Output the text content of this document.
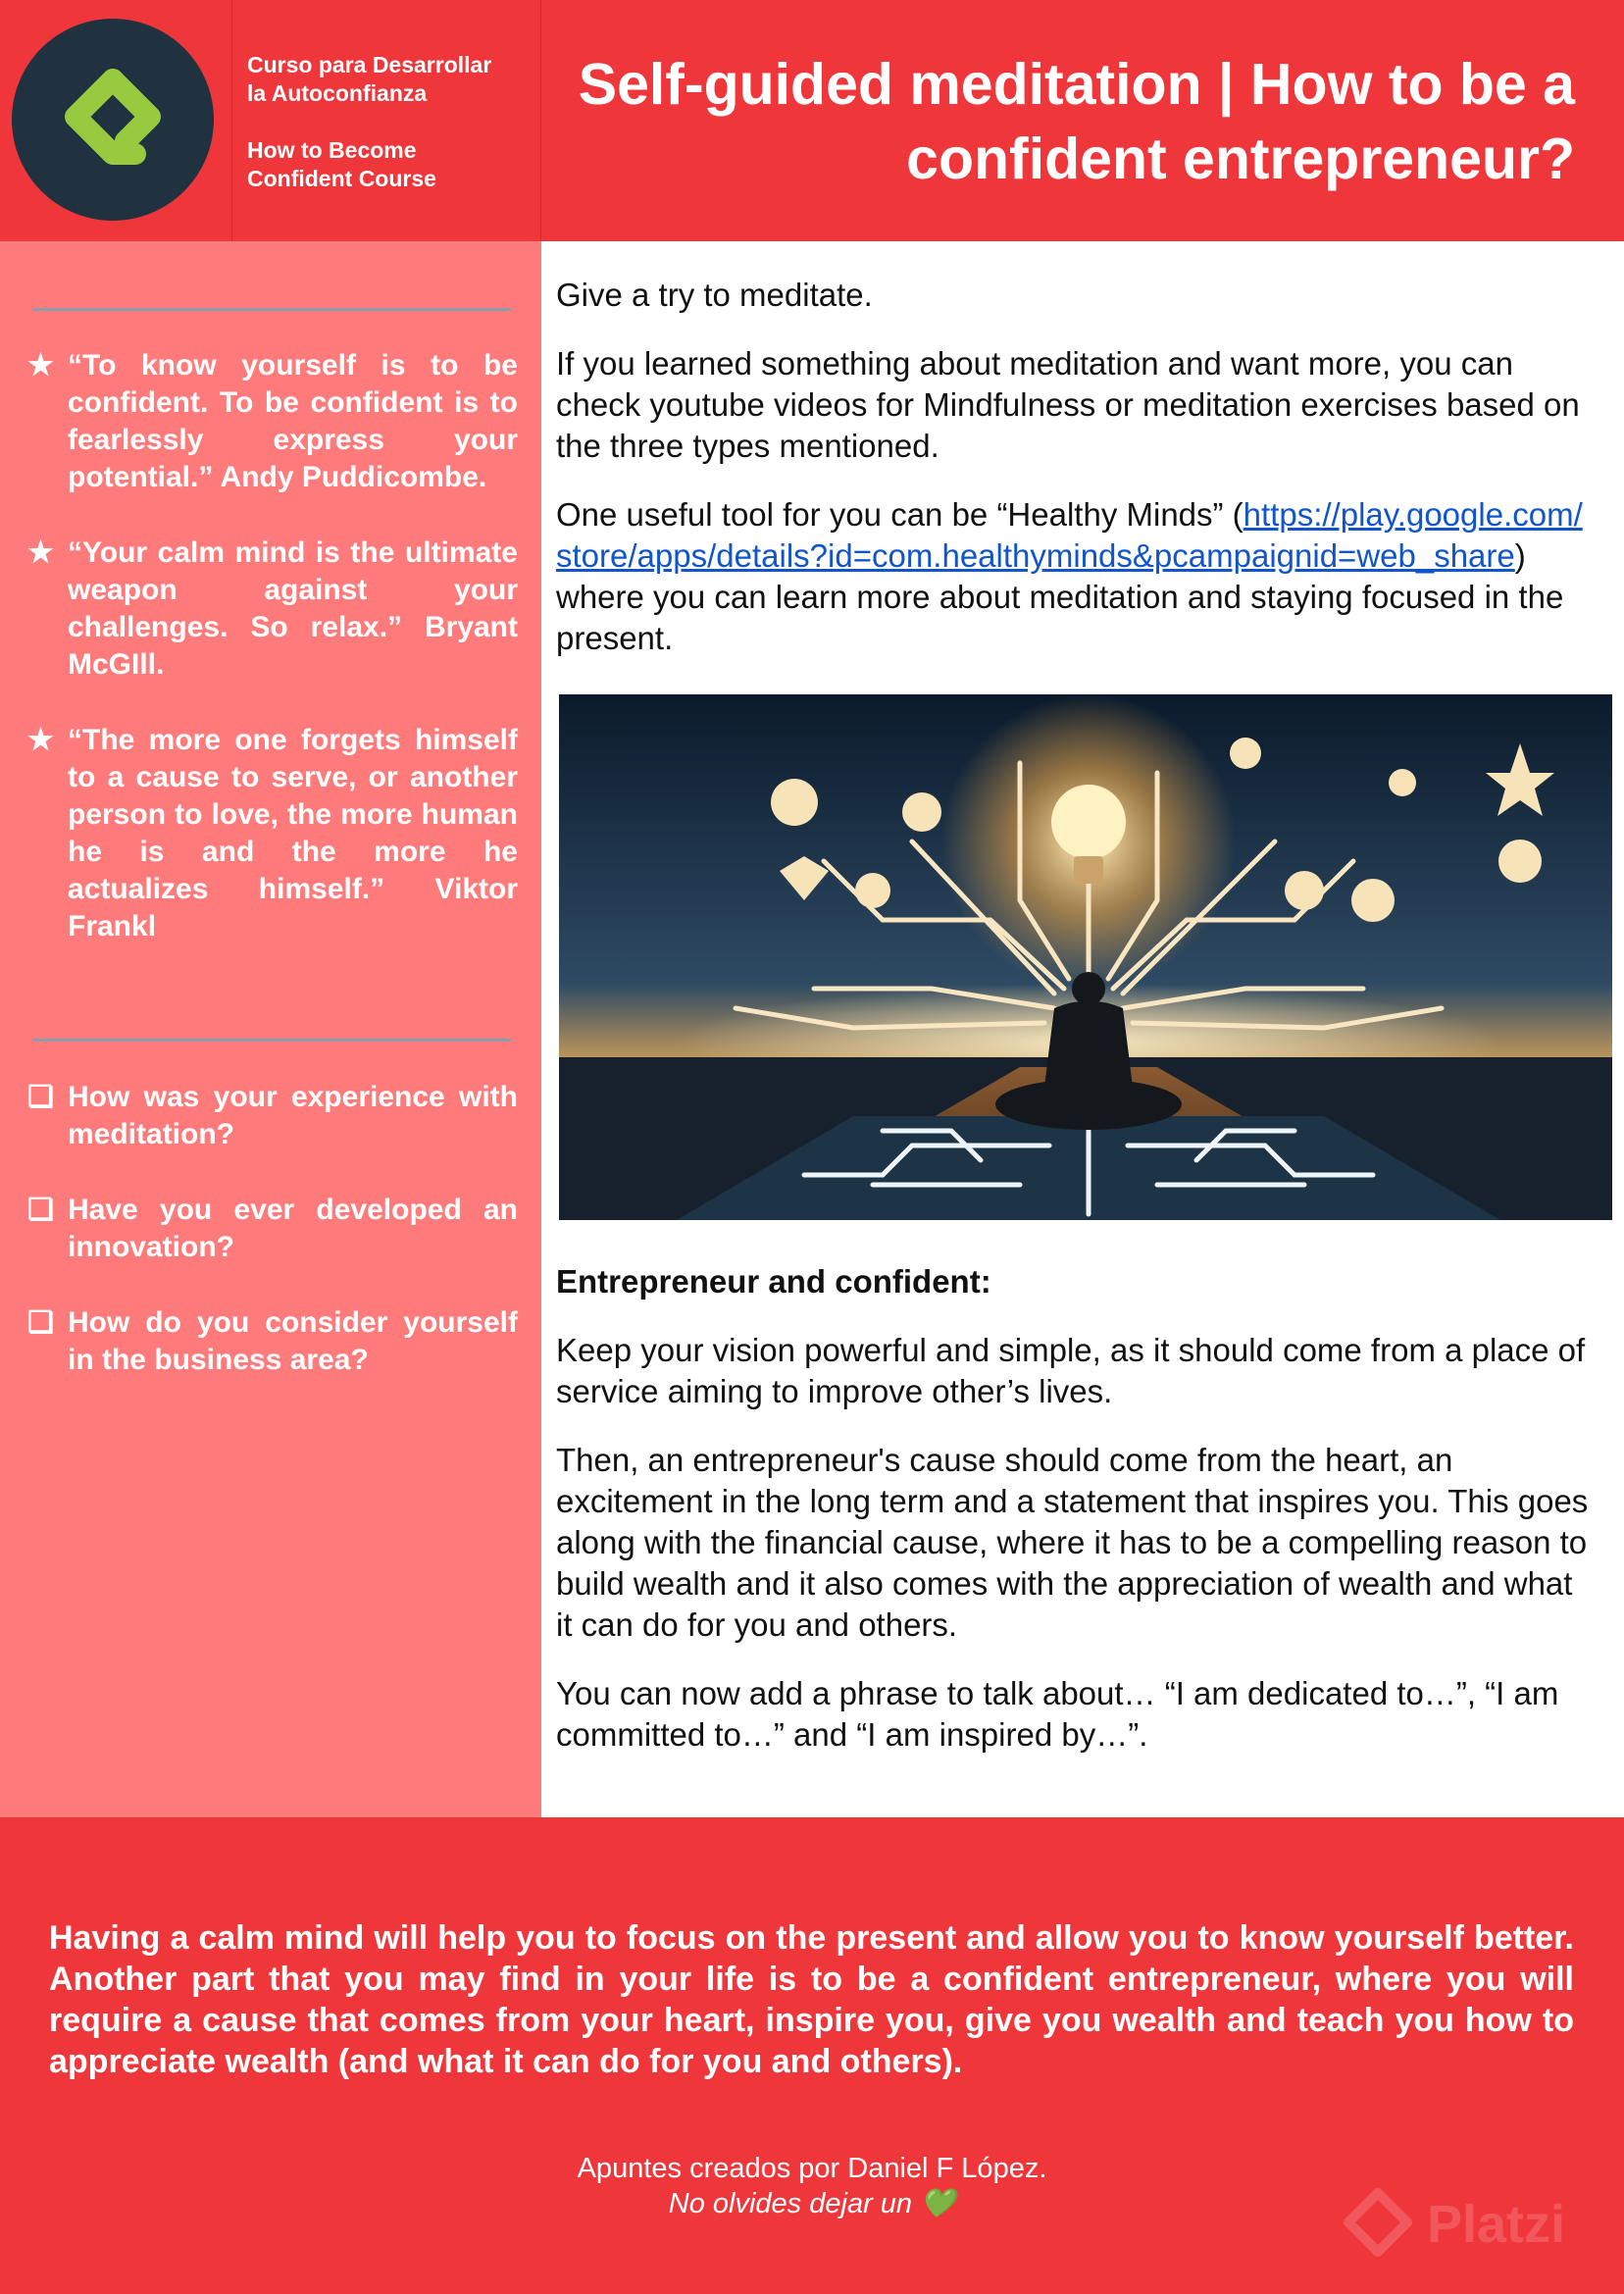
Curso para Desarrollar

la Autoconfianza

How to Become

Confident Course

Self-guided meditation | How to be a confident entrepreneur?
★ “To know yourself is to be confident. To be confident is to fearlessly express your potential.” Andy Puddicombe.
★ “Your calm mind is the ultimate weapon against your challenges. So relax.” Bryant McGIll.
★ “The more one forgets himself to a cause to serve, or another person to love, the more human he is and the more he actualizes himself.” Viktor Frankl
❏ How was your experience with meditation?
❏ Have you ever developed an innovation?
❏ How do you consider yourself in the business area?

Give a try to meditate.

If you learned something about meditation and want more, you can check youtube videos for Mindfulness or meditation exercises based on the three types mentioned.

One useful tool for you can be “Healthy Minds” (https://play.google.com/store/apps/details?id=com.healthyminds&pcampaignid=web_share) where you can learn more about meditation and staying focused in the present.

Entrepreneur and confident:

Keep your vision powerful and simple, as it should come from a place of service aiming to improve other’s lives.

Then, an entrepreneur's cause should come from the heart, an excitement in the long term and a statement that inspires you. This goes along with the financial cause, where it has to be a compelling reason to build wealth and it also comes with the appreciation of wealth and what it can do for you and others.

You can now add a phrase to talk about… “I am dedicated to…”, “I am committed to…” and “I am inspired by…”.

Having a calm mind will help you to focus on the present and allow you to know yourself better. Another part that you may find in your life is to be a confident entrepreneur, where you will require a cause that comes from your heart, inspire you, give you wealth and teach you how to appreciate wealth (and what it can do for you and others).

Apuntes creados por Daniel F López.

No olvides dejar un 💚	Platzi
